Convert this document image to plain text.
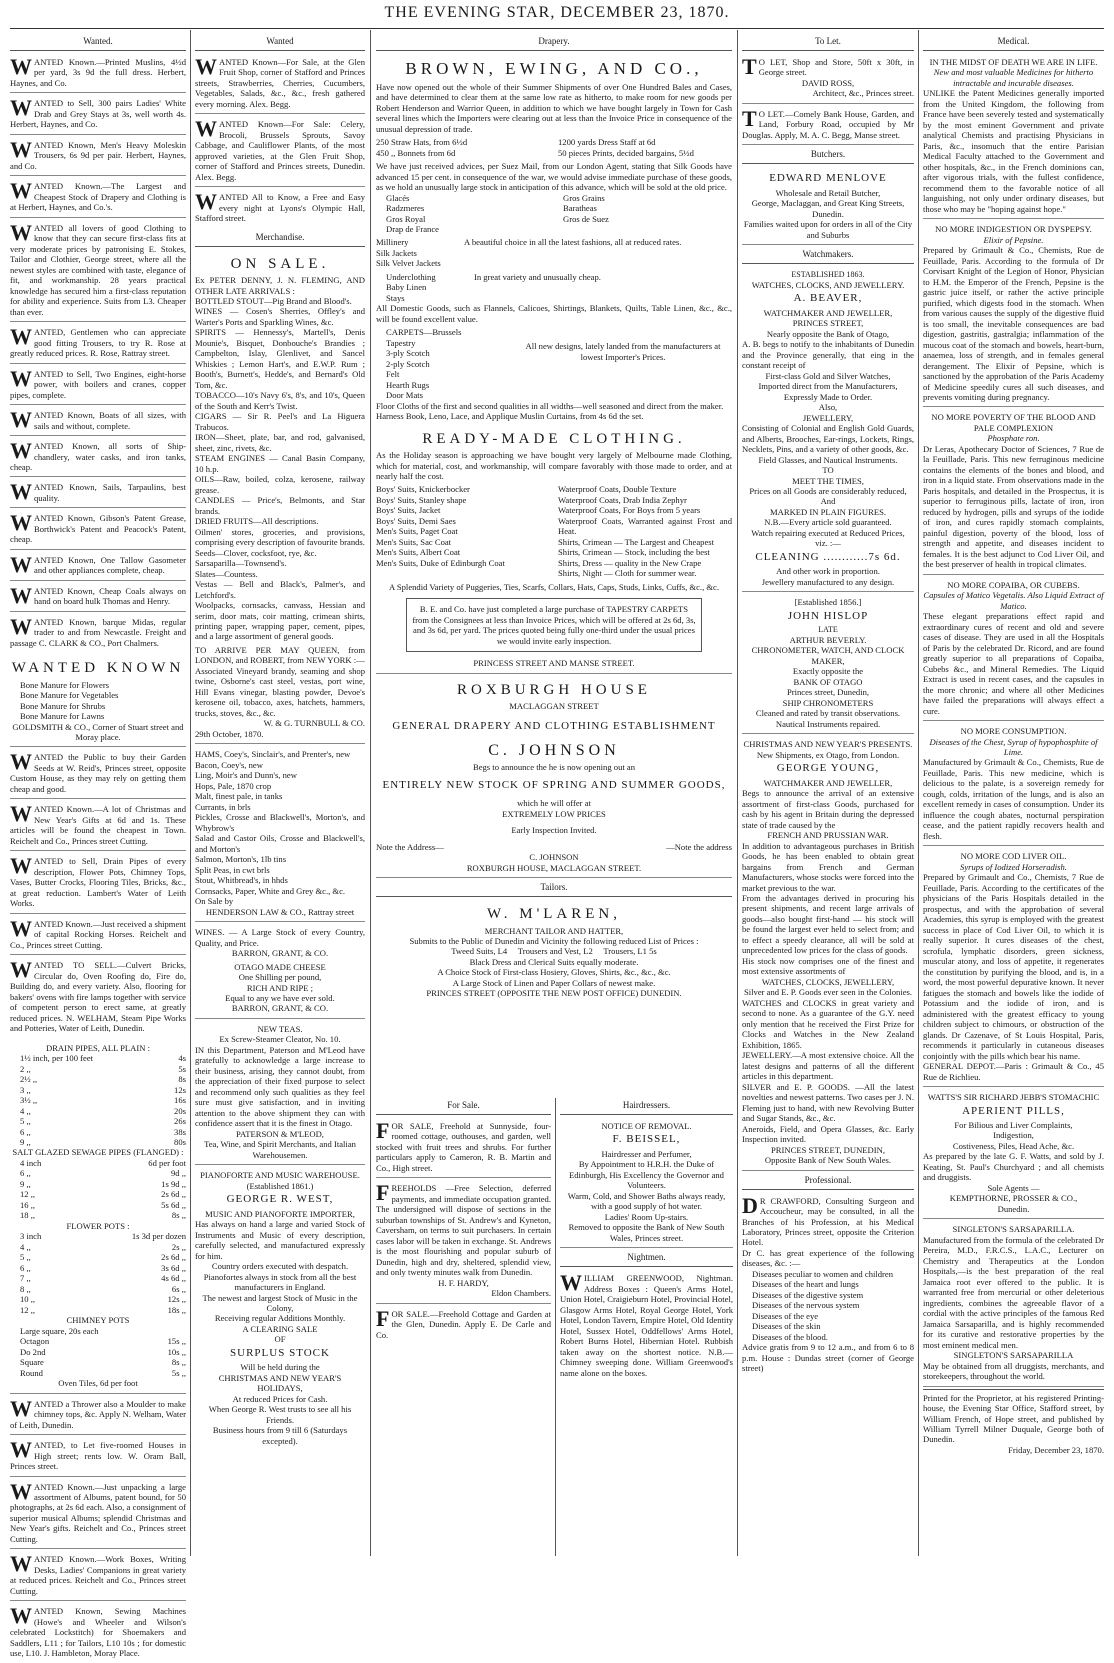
THE EVENING STAR, DECEMBER 23, 1870.
Wanted.
WANTED Known.—Printed Muslins, 4½d per yard, 3s 9d the full dress. Herbert, Haynes, and Co.
WANTED to Sell, 300 pairs Ladies' White Drab and Grey Stays at 3s, well worth 4s. Herbert, Haynes, and Co.
WANTED Known, Men's Heavy Moleskin Trousers, 6s 9d per pair. Herbert, Haynes, and Co.
WANTED Known.—The Largest and Cheapest Stock of Drapery and Clothing is at Herbert, Haynes, and Co.'s.
WANTED all lovers of good Clothing to know that they can secure first-class fits at very moderate prices by patronising E. Stokes, Tailor and Clothier, George street, where all the newest styles are combined with taste, elegance of fit, and workmanship. 28 years practical knowledge has secured him a first-class reputation for ability and experience. Suits from L3. Cheaper than ever.
WANTED, Gentlemen who can appreciate good fitting Trousers, to try R. Rose at greatly reduced prices. R. Rose, Rattray street.
WANTED to Sell, Two Engines, eight-horse power, with boilers and cranes, copper pipes, complete.
WANTED Known, Boats of all sizes, with sails and without, complete.
WANTED Known, all sorts of Ship-chandlery, water casks, and iron tanks, cheap.
WANTED Known, Sails, Tarpaulins, best quality.
WANTED Known, Gibson's Patent Grease, Borthwick's Patent and Peacock's Patent, cheap.
WANTED Known, One Tallow Gasometer and other appliances complete, cheap.
WANTED Known, Cheap Coals always on hand on board hulk Thomas and Henry.
WANTED Known, barque Midas, regular trader to and from Newcastle. Freight and passage C. CLARK & CO., Port Chalmers.
WANTED KNOWN
Bone Manure for Flowers
Bone Manure for Vegetables
Bone Manure for Shrubs
Bone Manure for Lawns
GOLDSMITH & CO., Corner of Stuart street and Moray place.
WANTED the Public to buy their Garden Seeds at W. Reid's, Princes street, opposite Custom House, as they may rely on getting them cheap and good.
WANTED Known.—A lot of Christmas and New Year's Gifts at 6d and 1s. These articles will be found the cheapest in Town. Reichelt and Co., Princes street Cutting.
WANTED to Sell, Drain Pipes of every description, Flower Pots, Chimney Tops, Vases, Butter Crocks, Flooring Tiles, Bricks, &c., at great reduction. Lambert's Water of Leith Works.
WANTED Known.—Just received a shipment of capital Rocking Horses. Reichelt and Co., Princes street Cutting.
WANTED TO SELL.—Culvert Bricks, Circular do, Oven Roofing do, Fire do, Building do, and every variety. Also, flooring for bakers' ovens with fire lamps together with service of competent person to erect same, at greatly reduced prices. N. WELHAM, Steam Pipe Works and Potteries, Water of Leith, Dunedin.
DRAIN PIPES, ALL PLAIN :
1½ inch, per 100 feet	4s
2 ,,	5s
2½ ,,	8s
3 ,,	12s
3½ ,,	16s
4 ,,	20s
5 ,,	26s
6 ,,	38s
9 ,,	80s
SALT GLAZED SEWAGE PIPES (FLANGED) :
4 inch	6d per foot
6 ,,	9d ,,
9 ,,	1s 9d ,,
12 ,,	2s 6d ,,
16 ,,	5s 6d ,,
18 ,,	8s ,,
FLOWER POTS :
3 inch	1s 3d per dozen
4 ,,	2s ,,
5 ,,	2s 6d ,,
6 ,,	3s 6d ,,
7 ,,	4s 6d ,,
8 ,,	6s ,,
10 ,,	12s ,,
12 ,,	18s ,,
CHIMNEY POTS
Large square, 20s each
Octagon	15s ,,
Do 2nd	10s ,,
Square	8s ,,
Round	5s ,,
Oven Tiles, 6d per foot
WANTED a Thrower also a Moulder to make chimney tops, &c. Apply N. Welham, Water of Leith, Dunedin.
WANTED, to Let five-roomed Houses in High street; rents low. W. Oram Ball, Princes street.
WANTED Known.—Just unpacking a large assortment of Albums, patent bound, for 50 photographs, at 2s 6d each. Also, a consignment of superior musical Albums; splendid Christmas and New Year's gifts. Reichelt and Co., Princes street Cutting.
WANTED Known.—Work Boxes, Writing Desks, Ladies' Companions in great variety at reduced prices. Reichelt and Co., Princes street Cutting.
WANTED Known, Sewing Machines (Howe's and Wheeler and Wilson's celebrated Lockstitch) for Shoemakers and Saddlers, L11 ; for Tailors, L10 10s ; for domestic use, L10. J. Hambleton, Moray Place.
Wanted
WANTED Known—For Sale, at the Glen Fruit Shop, corner of Stafford and Princes streets, Strawberries, Cherries, Cucumbers, Vegetables, Salads, &c., &c., fresh gathered every morning. Alex. Begg.
WANTED Known—For Sale: Celery, Brocoli, Brussels Sprouts, Savoy Cabbage, and Cauliflower Plants, of the most approved varieties, at the Glen Fruit Shop, corner of Stafford and Princes streets, Dunedin. Alex. Begg.
WANTED All to Know, a Free and Easy every night at Lyons's Olympic Hall, Stafford street.
Merchandise.
ON SALE.
Ex PETER DENNY, J. N. FLEMING, AND OTHER LATE ARRIVALS :
BOTTLED STOUT—Pig Brand and Blood's.
WINES — Cosen's Sherries, Offley's and Warter's Ports and Sparkling Wines, &c.
SPIRITS — Hennessy's, Martell's, Denis Mounie's, Bisquet, Donbouche's Brandies ; Campbelton, Islay, Glenlivet, and Sancel Whiskies ; Lemon Hart's, and E.W.P. Rum ; Booth's, Burnett's, Hedde's, and Bernard's Old Tom, &c.
TOBACCO—10's Navy 6's, 8's, and 10's, Queen of the South and Kerr's Twist.
CIGARS — Sir R. Peel's and La Higuera Trabucos.
IRON—Sheet, plate, bar, and rod, galvanised, sheet, zinc, rivets, &c.
STEAM ENGINES — Canal Basin Company, 10 h.p.
OILS—Raw, boiled, colza, kerosene, railway grease.
CANDLES — Price's, Belmonts, and Star brands.
DRIED FRUITS—All descriptions.
Oilmen' stores, groceries, and provisions, comprising every description of favourite brands.
Seeds—Clover, cocksfoot, rye, &c.
Sarsaparilla—Townsend's.
Slates—Countess.
Vestas — Bell and Black's, Palmer's, and Letchford's.
Woolpacks, cornsacks, canvass, Hessian and serim, door mats, coir matting, crimean shirts, printing paper, wrapping paper, cement, pipes, and a large assortment of general goods.
TO ARRIVE PER MAY QUEEN, from LONDON, and ROBERT, from NEW YORK :—
Associated Vineyard brandy, seaming and shop twine, Osborne's cast steel, vestas, port wine, Hill Evans vinegar, blasting powder, Devoe's kerosene oil, tobacco, axes, hatchets, hammers, trucks, stoves, &c., &c.
W. & G. TURNBULL & CO.
29th October, 1870.
HAMS, Coey's, Sinclair's, and Prenter's, new
Bacon, Coey's, new
Ling, Moir's and Dunn's, new
Hops, Pale, 1870 crop
Malt, finest pale, in tanks
Currants, in brls
Pickles, Crosse and Blackwell's, Morton's, and Whybrow's
Salad and Castor Oils, Crosse and Blackwell's, and Morton's
Salmon, Morton's, 1lb tins
Split Peas, in cwt brls
Stout, Whitbread's, in hhds
Cornsacks, Paper, White and Grey &c., &c.
On Sale by
HENDERSON LAW & CO., Rattray street
WINES. — A Large Stock of every Country, Quality, and Price.
BARRON, GRANT, & CO.
OTAGO MADE CHEESE
One Shilling per pound,
RICH AND RIPE ;
Equal to any we have ever sold.
BARRON, GRANT, & CO.
NEW TEAS.
Ex Screw-Steamer Cleator, No. 10.
IN this Department, Paterson and M'Leod have gratefully to acknowledge a large increase to their business, arising, they cannot doubt, from the appreciation of their fixed purpose to select and recommend only such qualities as they feel sure must give satisfaction, and in inviting attention to the above shipment they can with confidence assert that it is the finest in Otago.
PATERSON & M'LEOD,
Tea, Wine, and Spirit Merchants, and Italian Warehousemen.
PIANOFORTE AND MUSIC WAREHOUSE.
(Established 1861.)
GEORGE R. WEST,
MUSIC AND PIANOFORTE IMPORTER,
Has always on hand a large and varied Stock of Instruments and Music of every description, carefully selected, and manufactured expressly for him.
Country orders executed with despatch.
Pianofortes always in stock from all the best manufacturers in England.
The newest and largest Stock of Music in the Colony,
Receiving regular Additions Monthly.
A CLEARING SALE
OF
SURPLUS STOCK
Will be held during the
CHRISTMAS AND NEW YEAR'S HOLIDAYS,
At reduced Prices for Cash.
When George R. West trusts to see all his Friends.
Business hours from 9 till 6 (Saturdays excepted).
Drapery.
BROWN, EWING, AND CO.,
Have now opened out the whole of their Summer Shipments of over One Hundred Bales and Cases, and have determined to clear them at the same low rate as hitherto, to make room for new goods per Robert Henderson and Warrior Queen, in addition to which we have bought largely in Town for Cash several lines which the Importers were clearing out at less than the Invoice Price in consequence of the unusual depression of trade.
250 Straw Hats, from 6½d
450 ,, Bonnets from 6d
1200 yards Dress Staff at 6d
50 pieces Prints, decided bargains, 5½d
We have just received advices, per Suez Mail, from our London Agent, stating that Silk Goods have advanced 15 per cent. in consequence of the war, we would advise immediate purchase of these goods, as we hold an unusually large stock in anticipation of this advance, which will be sold at the old price.
Glacés
Radzmeres
Gros Royal
Drap de France
Gros Grains
Baratheas
Gros de Suez
Millinery
Silk Jackets
Silk Velvet Jackets
A beautiful choice in all the latest fashions, all at reduced rates.
Underclothing
Baby Linen
Stays
In great variety and unusually cheap.
All Domestic Goods, such as Flannels, Calicoes, Shirtings, Blankets, Quilts, Table Linen, &c., &c., will be found excellent value.
CARPETS—Brussels
Tapestry
3-ply Scotch
2-ply Scotch
Felt
Hearth Rugs
Door Mats
All new designs, lately landed from the manufacturers at lowest Importer's Prices.
Floor Cloths of the first and second qualities in all widths—well seasoned and direct from the maker.
Harness Book, Leno, Lace, and Applique Muslin Curtains, from 4s 6d the set.
READY-MADE CLOTHING.
As the Holiday season is approaching we have bought very largely of Melbourne made Clothing, which for material, cost, and workmanship, will compare favorably with those made to order, and at nearly half the cost.
Boys' Suits, Knickerbocker
Boys' Suits, Stanley shape
Boys' Suits, Jacket
Boys' Suits, Demi Saes
Men's Suits, Paget Coat
Men's Suits, Sac Coat
Men's Suits, Albert Coat
Men's Suits, Duke of Edinburgh Coat
Waterproof Coats, Double Texture
Waterproof Coats, Drab India Zephyr
Waterproof Coats, For Boys from 5 years
Waterproof Coats, Warranted against Frost and Heat.
Shirts, Crimean — The Largest and Cheapest
Shirts, Crimean — Stock, including the best
Shirts, Dress — quality in the New Crape
Shirts, Night — Cloth for summer wear.
A Splendid Variety of Puggeries, Ties, Scarfs, Collars, Hats, Caps, Studs, Links, Cuffs, &c., &c.
B. E. and Co. have just completed a large purchase of TAPESTRY CARPETS from the Consignees at less than Invoice Prices, which will be offered at 2s 6d, 3s, and 3s 6d, per yard. The prices quoted being fully one-third under the usual prices we would invite early inspection.
PRINCESS STREET AND MANSE STREET.
ROXBURGH HOUSE
MACLAGGAN STREET
GENERAL DRAPERY AND CLOTHING ESTABLISHMENT
C. JOHNSON
Begs to announce the he is now opening out an
ENTIRELY NEW STOCK OF SPRING AND SUMMER GOODS,
which he will offer at
EXTREMELY LOW PRICES
Early Inspection Invited.
Note the Address—	—Note the address
C. JOHNSON
ROXBURGH HOUSE, MACLAGGAN STREET.
Tailors.
W. M'LAREN,
MERCHANT TAILOR AND HATTER,
Submits to the Public of Dunedin and Vicinity the following reduced List of Prices :
Tweed Suits, L4     Trousers and Vest, L2     Trousers, L1 5s
Black Dress and Clerical Suits equally moderate.
A Choice Stock of First-class Hosiery, Gloves, Shirts, &c., &c., &c.
A Large Stock of Linen and Paper Collars of newest make.
PRINCES STREET (OPPOSITE THE NEW POST OFFICE) DUNEDIN.
For Sale.
FOR SALE, Freehold at Sunnyside, four-roomed cottage, outhouses, and garden, well stocked with fruit trees and shrubs. For further particulars apply to Cameron, R. B. Martin and Co., High street.
FREEHOLDS —Free Selection, deferred payments, and immediate occupation granted. The undersigned will dispose of sections in the suburban townships of St. Andrew's and Kyneton, Caversham, on terms to suit purchasers. In certain cases labor will be taken in exchange. St. Andrews is the most flourishing and popular suburb of Dunedin, high and dry, sheltered, splendid view, and only twenty minutes walk from Dunedin.
H. F. HARDY,
Eldon Chambers.
FOR SALE.—Freehold Cottage and Garden at the Glen, Dunedin. Apply E. De Carle and Co.
Hairdressers.
NOTICE OF REMOVAL.
F. BEISSEL,
Hairdresser and Perfumer,
By Appointment to H.R.H. the Duke of Edinburgh, His Excellency the Governor and Volunteers.
Warm, Cold, and Shower Baths always ready, with a good supply of hot water.
Ladies' Room Up-stairs.
Removed to opposite the Bank of New South Wales, Princes street.
Nightmen.
WILLIAM GREENWOOD, Nightman. Address Boxes : Queen's Arms Hotel, Union Hotel, Craigieburn Hotel, Provincial Hotel, Glasgow Arms Hotel, Royal George Hotel, York Hotel, London Tavern, Empire Hotel, Old Identity Hotel, Sussex Hotel, Oddfellows' Arms Hotel, Robert Burns Hotel, Hibernian Hotel. Rubbish taken away on the shortest notice. N.B.—Chimney sweeping done. William Greenwood's name alone on the boxes.
To Let.
T O LET, Shop and Store, 50ft x 30ft, in George street.
DAVID ROSS,
Architect, &c., Princes street.
T O LET.—Comely Bank House, Garden, and Land, Forbury Road, occupied by Mr Douglas. Apply, M. A. C. Begg, Manse street.
Butchers.
EDWARD MENLOVE
Wholesale and Retail Butcher,
George, Maclaggan, and Great King Streets, Dunedin.
Families waited upon for orders in all of the City and Suburbs
Watchmakers.
ESTABLISHED 1863.
WATCHES, CLOCKS, AND JEWELLERY.
A. BEAVER,
WATCHMAKER AND JEWELLER,
PRINCES STREET,
Nearly opposite the Bank of Otago,
A. B. begs to notify to the inhabitants of Dunedin and the Province generally, that eing in the constant receipt of
First-class Gold and Silver Watches,
Imported direct from the Manufacturers, Expressly Made to Order.
Also,
JEWELLERY,
Consisting of Colonial and English Gold Guards, and Alberts, Brooches, Ear-rings, Lockets, Rings, Necklets, Pins, and a variety of other goods, &c.
Field Glasses, and Nautical Instruments.
TO
MEET THE TIMES,
Prices on all Goods are considerably reduced,
And
MARKED IN PLAIN FIGURES.
N.B.—Every article sold guaranteed.
Watch repairing executed at Reduced Prices,
viz. :—
CLEANING ............7s 6d.
And other work in proportion.
Jewellery manufactured to any design.
[Established 1856.]
JOHN HISLOP
LATE
ARTHUR BEVERLY.
CHRONOMETER, WATCH, AND CLOCK MAKER,
Exactly opposite the
BANK OF OTAGO
Princes street, Dunedin,
SHIP CHRONOMETERS
Cleaned and rated by transit observations.
Nautical Instruments repaired.
CHRISTMAS AND NEW YEAR'S PRESENTS.
New Shipments, ex Otago, from London.
GEORGE YOUNG,
WATCHMAKER AND JEWELLER,
Begs to announce the arrival of an extensive assortment of first-class Goods, purchased for cash by his agent in Britain during the depressed state of trade caused by the
FRENCH AND PRUSSIAN WAR.
In addition to advantageous purchases in British Goods, he has been enabled to obtain great bargains from French and German Manufacturers, whose stocks were forced into the market previous to the war.
From the advantages derived in procuring his present shipments, and recent large arrivals of goods—also bought first-hand — his stock will be found the largest ever held to select from; and to effect a speedy clearance, all will be sold at unprecedented low prices for the class of goods.
His stock now comprises one of the finest and most extensive assortments of
WATCHES, CLOCKS, JEWELLERY,
Silver and E. P. Goods ever seen in the Colonies.
WATCHES and CLOCKS in great variety and second to none. As a guarantee of the G.Y. need only mention that he received the First Prize for Clocks and Watches in the New Zealand Exhibition, 1865.
JEWELLERY.—A most extensive choice. All the latest designs and patterns of all the different articles in this department.
SILVER and E. P. GOODS. —All the latest novelties and newest patterns. Two cases per J. N. Fleming just to hand, with new Revolving Butter and Sugar Stands, &c., &c.
Aneroids, Field, and Opera Glasses, &c. Early Inspection invited.
PRINCES STREET, DUNEDIN,
Opposite Bank of New South Wales.
Professional.
D R CRAWFORD, Consulting Surgeon and Accoucheur, may be consulted, in all the Branches of his Profession, at his Medical Laboratory, Princes street, opposite the Criterion Hotel.
Dr C. has great experience of the following diseases, &c. :—
Diseases peculiar to women and children
Diseases of the heart and lungs
Diseases of the digestive system
Diseases of the nervous system
Diseases of the eye
Diseases of the skin
Diseases of the blood.
Advice gratis from 9 to 12 a.m., and from 6 to 8 p.m. House : Dundas street (corner of George street)
Medical.
IN THE MIDST OF DEATH WE ARE IN LIFE.
New and most valuable Medicines for hitherto intractable and incurable diseases.
UNLIKE the Patent Medicines generally imported from the United Kingdom, the following from France have been severely tested and systematically by the most eminent Government and private analytical Chemists and practising Physicians in Paris, &c., insomuch that the entire Parisian Medical Faculty attached to the Government and other hospitals, &c., in the French dominions can, after vigorous trials, with the fullest confidence, recommend them to the favorable notice of all languishing, not only under ordinary diseases, but those who may be "hoping against hope."
NO MORE INDIGESTION OR DYSPEPSY.
Elixir of Pepsine.
Prepared by Grimault & Co., Chemists, Rue de Feuillade, Paris. According to the formula of Dr Corvisart Knight of the Legion of Honor, Physician to H.M. the Emperor of the French, Pepsine is the gastric juice itself, or rather the active principle purified, which digests food in the stomach. When from various causes the supply of the digestive fluid is too small, the inevitable consequences are bad digestion, gastritis, gastralgia; inflammation of the mucous coat of the stomach and bowels, heart-burn, anaemea, loss of strength, and in females general derangement. The Elixir of Pepsine, which is sanctioned by the approbation of the Paris Academy of Medicine speedily cures all such diseases, and prevents vomiting during pregnancy.
NO MORE POVERTY OF THE BLOOD AND PALE COMPLEXION
Phosphate ron.
Dr Leras, Apothecary Doctor of Sciences, 7 Rue de la Feuillade, Paris. This new ferruginous medicine contains the elements of the bones and blood, and iron in a liquid state. From observations made in the Paris hospitals, and detailed in the Prospectus, it is superior to ferruginous pills, lactate of iron, iron reduced by hydrogen, pills and syrups of the iodide of iron, and cures rapidly stomach complaints, painful digestion, poverty of the blood, loss of strength and appetite, and diseases incident to females. It is the best adjunct to Cod Liver Oil, and the best preserver of health in tropical climates.
NO MORE COPAIBA, OR CUBEBS.
Capsules of Matico Vegetalis. Also Liquid Extract of Matico.
These elegant preparations effect rapid and extraordinary cures of recent and old and severe cases of disease. They are used in all the Hospitals of Paris by the celebrated Dr. Ricord, and are found greatly superior to all preparations of Copaiba, Cubebs &c., and Mineral Remedies. The Liquid Extract is used in recent cases, and the capsules in the more chronic; and where all other Medicines have failed the preparations will always effect a cure.
NO MORE CONSUMPTION.
Diseases of the Chest, Syrup of hypophosphite of Lime.
Manufactured by Grimault & Co., Chemists, Rue de Feuillade, Paris. This new medicine, which is delicious to the palate, is a sovereign remedy for cough, colds, irritation of the lungs, and is also an excellent remedy in cases of consumption. Under its influence the cough abates, nocturnal perspiration cease, and the patient rapidly recovers health and flesh.
NO MORE COD LIVER OIL.
Syrups of Iodized Horseradish.
Prepared by Grimault and Co., Chemists, 7 Rue de Feuillade, Paris. According to the certificates of the physicians of the Paris Hospitals detailed in the prospectus, and with the approbation of several Academies, this syrup is employed with the greatest success in place of Cod Liver Oil, to which it is really superior. It cures diseases of the chest, scrofula, lymphatic disorders, green sickness, muscular atony, and loss of appetite, it regenerates the constitution by purifying the blood, and is, in a word, the most powerful depurative known. It never fatigues the stomach and bowels like the iodide of Potassium and the iodide of iron, and is administered with the greatest efficacy to young children subject to chimours, or obstruction of the glands. Dr Cazenave, of St Louis Hospital, Paris, recommends it particularly in cutaneous diseases conjointly with the pills which bear his name.
GENERAL DEPOT.—Paris : Grimault & Co., 45 Rue de Richlieu.
WATTS'S SIR RICHARD JEBB'S STOMACHIC
APERIENT PILLS,
For Bilious and Liver Complaints,
Indigestion,
Costiveness, Piles, Head Ache, &c.
As prepared by the late G. F. Watts, and sold by J. Keating, St. Paul's Churchyard ; and all chemists and druggists.
Sole Agents —
KEMPTHORNE, PROSSER & CO.,
Dunedin.
SINGLETON'S SARSAPARILLA.
Manufactured from the formula of the celebrated Dr Pereira, M.D., F.R.C.S., L.A.C., Lecturer on Chemistry and Therapeutics at the London Hospitals,—is the best preparation of the real Jamaica root ever offered to the public. It is warranted free from mercurial or other deleterious ingredients, combines the agreeable flavor of a cordial with the active principles of the famous Red Jamaica Sarsaparilla, and is highly recommended for its curative and restorative properties by the most eminent medical men.
SINGLETON'S SARSAPARILLA
May be obtained from all druggists, merchants, and storekeepers, throughout the world.
Printed for the Proprietor, at his registered Printing-house, the Evening Star Office, Stafford street, by William French, of Hope street, and published by William Tyrrell Milner Duquale, George both of Dunedin.
Friday, December 23, 1870.
